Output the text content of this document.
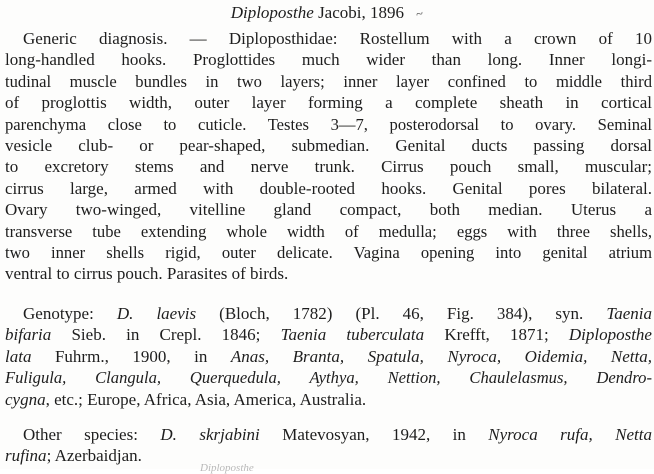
Diploposthe Jacobi, 1896 ~
Generic diagnosis. — Diploposthidae: Rostellum with a crown of 10
long-handled hooks. Proglottides much wider than long. Inner longi-
tudinal muscle bundles in two layers; inner layer confined to middle third
of proglottis width, outer layer forming a complete sheath in cortical
parenchyma close to cuticle. Testes 3—7, posterodorsal to ovary. Seminal
vesicle club- or pear-shaped, submedian. Genital ducts passing dorsal
to excretory stems and nerve trunk. Cirrus pouch small, muscular;
cirrus large, armed with double-rooted hooks. Genital pores bilateral.
Ovary two-winged, vitelline gland compact, both median. Uterus a
transverse tube extending whole width of medulla; eggs with three shells,
two inner shells rigid, outer delicate. Vagina opening into genital atrium
ventral to cirrus pouch. Parasites of birds.
Genotype: D. laevis (Bloch, 1782) (Pl. 46, Fig. 384), syn. Taenia
bifaria Sieb. in Crepl. 1846; Taenia tuberculata Krefft, 1871; Diploposthe
lata Fuhrm., 1900, in Anas, Branta, Spatula, Nyroca, Oidemia, Netta,
Fuligula, Clangula, Querquedula, Aythya, Nettion, Chaulelasmus, Dendro-
cygna, etc.; Europe, Africa, Asia, America, Australia.
Other species: D. skrjabini Matevosyan, 1942, in Nyroca rufa, Netta
rufina; Azerbaidjan.
Diploposthe
